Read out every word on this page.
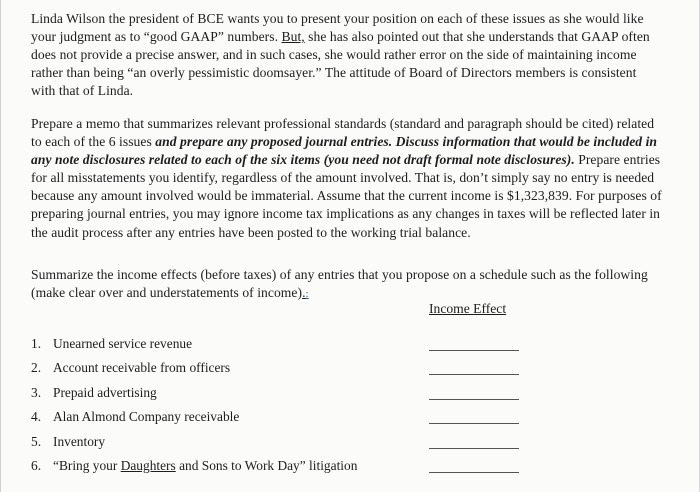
Linda Wilson the president of BCE wants you to present your position on each of these issues as she would like your judgment as to “good GAAP” numbers. But, she has also pointed out that she understands that GAAP often does not provide a precise answer, and in such cases, she would rather error on the side of maintaining income rather than being “an overly pessimistic doomsayer.” The attitude of Board of Directors members is consistent with that of Linda.

Prepare a memo that summarizes relevant professional standards (standard and paragraph should be cited) related to each of the 6 issues and prepare any proposed journal entries. Discuss information that would be included in any note disclosures related to each of the six items (you need not draft formal note disclosures). Prepare entries for all misstatements you identify, regardless of the amount involved. That is, don’t simply say no entry is needed because any amount involved would be immaterial. Assume that the current income is $1,323,839. For purposes of preparing journal entries, you may ignore income tax implications as any changes in taxes will be reflected later in the audit process after any entries have been posted to the working trial balance.

Summarize the income effects (before taxes) of any entries that you propose on a schedule such as the following (make clear over and understatements of income).:

Income Effect

1. Unearned service revenue
2. Account receivable from officers
3. Prepaid advertising
4. Alan Almond Company receivable
5. Inventory
6. “Bring your Daughters and Sons to Work Day” litigation
